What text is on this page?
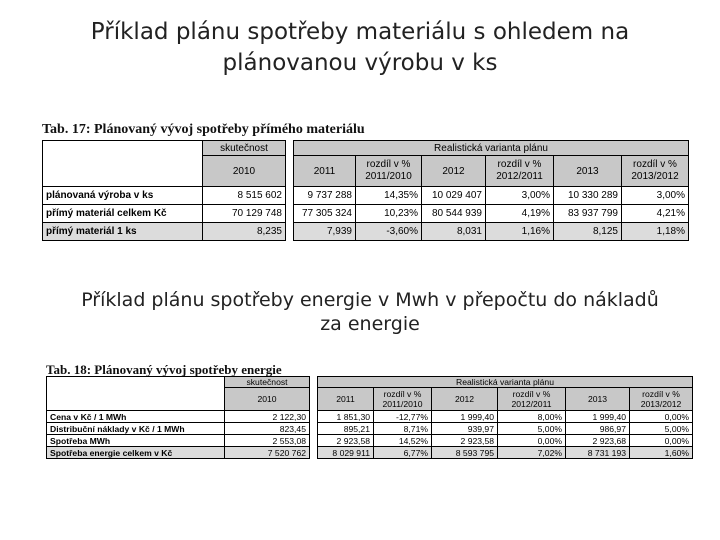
Příklad plánu spotřeby materiálu s ohledem na
plánovanou výrobu v ks
Tab. 17: Plánovaný vývoj spotřeby přímého materiálu
	skutečnost		Realistická varianta plánu					
	2010		2011	rozdíl v % 2011/2010	2012	rozdíl v % 2012/2011	2013	rozdíl v % 2013/2012
plánovaná výroba v ks	8 515 602		9 737 288	14,35%	10 029 407	3,00%	10 330 289	3,00%
přímý materiál celkem Kč	70 129 748		77 305 324	10,23%	80 544 939	4,19%	83 937 799	4,21%
přímý materiál 1 ks	8,235		7,939	-3,60%	8,031	1,16%	8,125	1,18%
Příklad plánu spotřeby energie v Mwh v přepočtu do nákladů
za energie
Tab. 18: Plánovaný vývoj spotřeby energie
	skutečnost		Realistická varianta plánu					
	2010		2011	rozdíl v % 2011/2010	2012	rozdíl v % 2012/2011	2013	rozdíl v % 2013/2012
Cena v Kč / 1 MWh	2 122,30		1 851,30	-12,77%	1 999,40	8,00%	1 999,40	0,00%
Distribuční náklady v Kč / 1 MWh	823,45		895,21	8,71%	939,97	5,00%	986,97	5,00%
Spotřeba MWh	2 553,08		2 923,58	14,52%	2 923,58	0,00%	2 923,68	0,00%
Spotřeba energie celkem v Kč	7 520 762		8 029 911	6,77%	8 593 795	7,02%	8 731 193	1,60%
